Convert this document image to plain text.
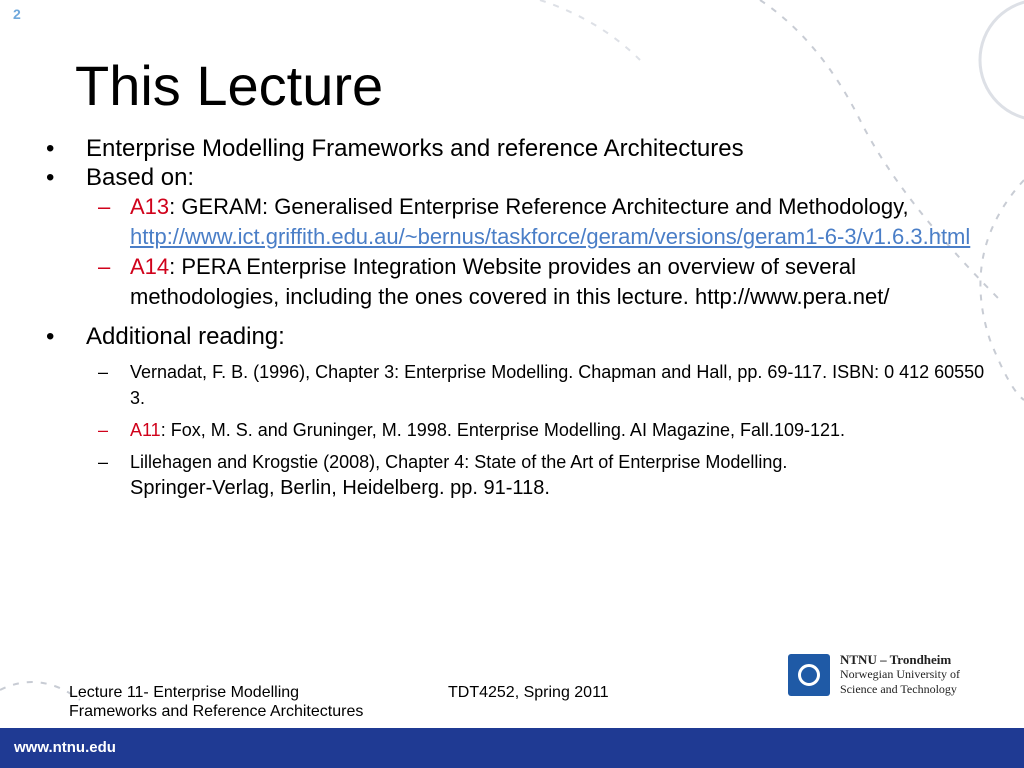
2
This Lecture
•	Enterprise Modelling Frameworks and reference Architectures
•	Based on:
– A13: GERAM: Generalised Enterprise Reference Architecture and Methodology,
http://www.ict.griffith.edu.au/~bernus/taskforce/geram/versions/geram1-6-3/v1.6.3.html
– A14: PERA Enterprise Integration Website provides an overview of several methodologies, including the ones covered in this lecture. http://www.pera.net/
•	Additional reading:
–	Vernadat, F. B. (1996), Chapter 3: Enterprise Modelling. Chapman and Hall, pp. 69-117. ISBN: 0 412 60550 3.
–	A11: Fox, M. S. and Gruninger, M. 1998. Enterprise Modelling. AI Magazine, Fall.109-121.
–	Lillehagen and Krogstie (2008), Chapter 4: State of the Art of Enterprise Modelling.
Springer-Verlag, Berlin, Heidelberg. pp. 91-118.
Lecture 11- Enterprise Modelling Frameworks and Reference Architectures
TDT4252, Spring 2011
NTNU – Trondheim
Norwegian University of
Science and Technology
www.ntnu.edu
